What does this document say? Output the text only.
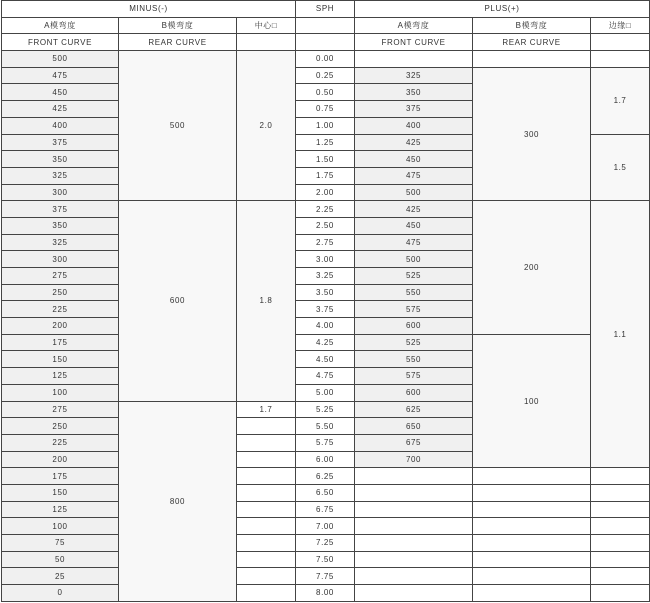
MINUS(-)			SPH	PLUS(+)		
A模弯度	B模弯度	中心□		A模弯度	B模弯度	边缘□
FRONT CURVE	REAR CURVE			FRONT CURVE	REAR CURVE	
500	500	2.0	0.00			
475			0.25	325	300	1.7
450			0.50	350		
425			0.75	375		
400			1.00	400		
375			1.25	425		1.5
350			1.50	450		
325			1.75	475		
300			2.00	500		
375	600	1.8	2.25	425	200	1.1
350			2.50	450		
325			2.75	475		
300			3.00	500		
275			3.25	525		
250			3.50	550		
225			3.75	575		
200			4.00	600		
175			4.25	525	100	
150			4.50	550		
125			4.75	575		
100			5.00	600		
275	800	1.7	5.25	625		
250			5.50	650		
225			5.75	675		
200			6.00	700		
175			6.25			
150			6.50			
125			6.75			
100			7.00			
75			7.25			
50			7.50			
25			7.75			
0			8.00			
